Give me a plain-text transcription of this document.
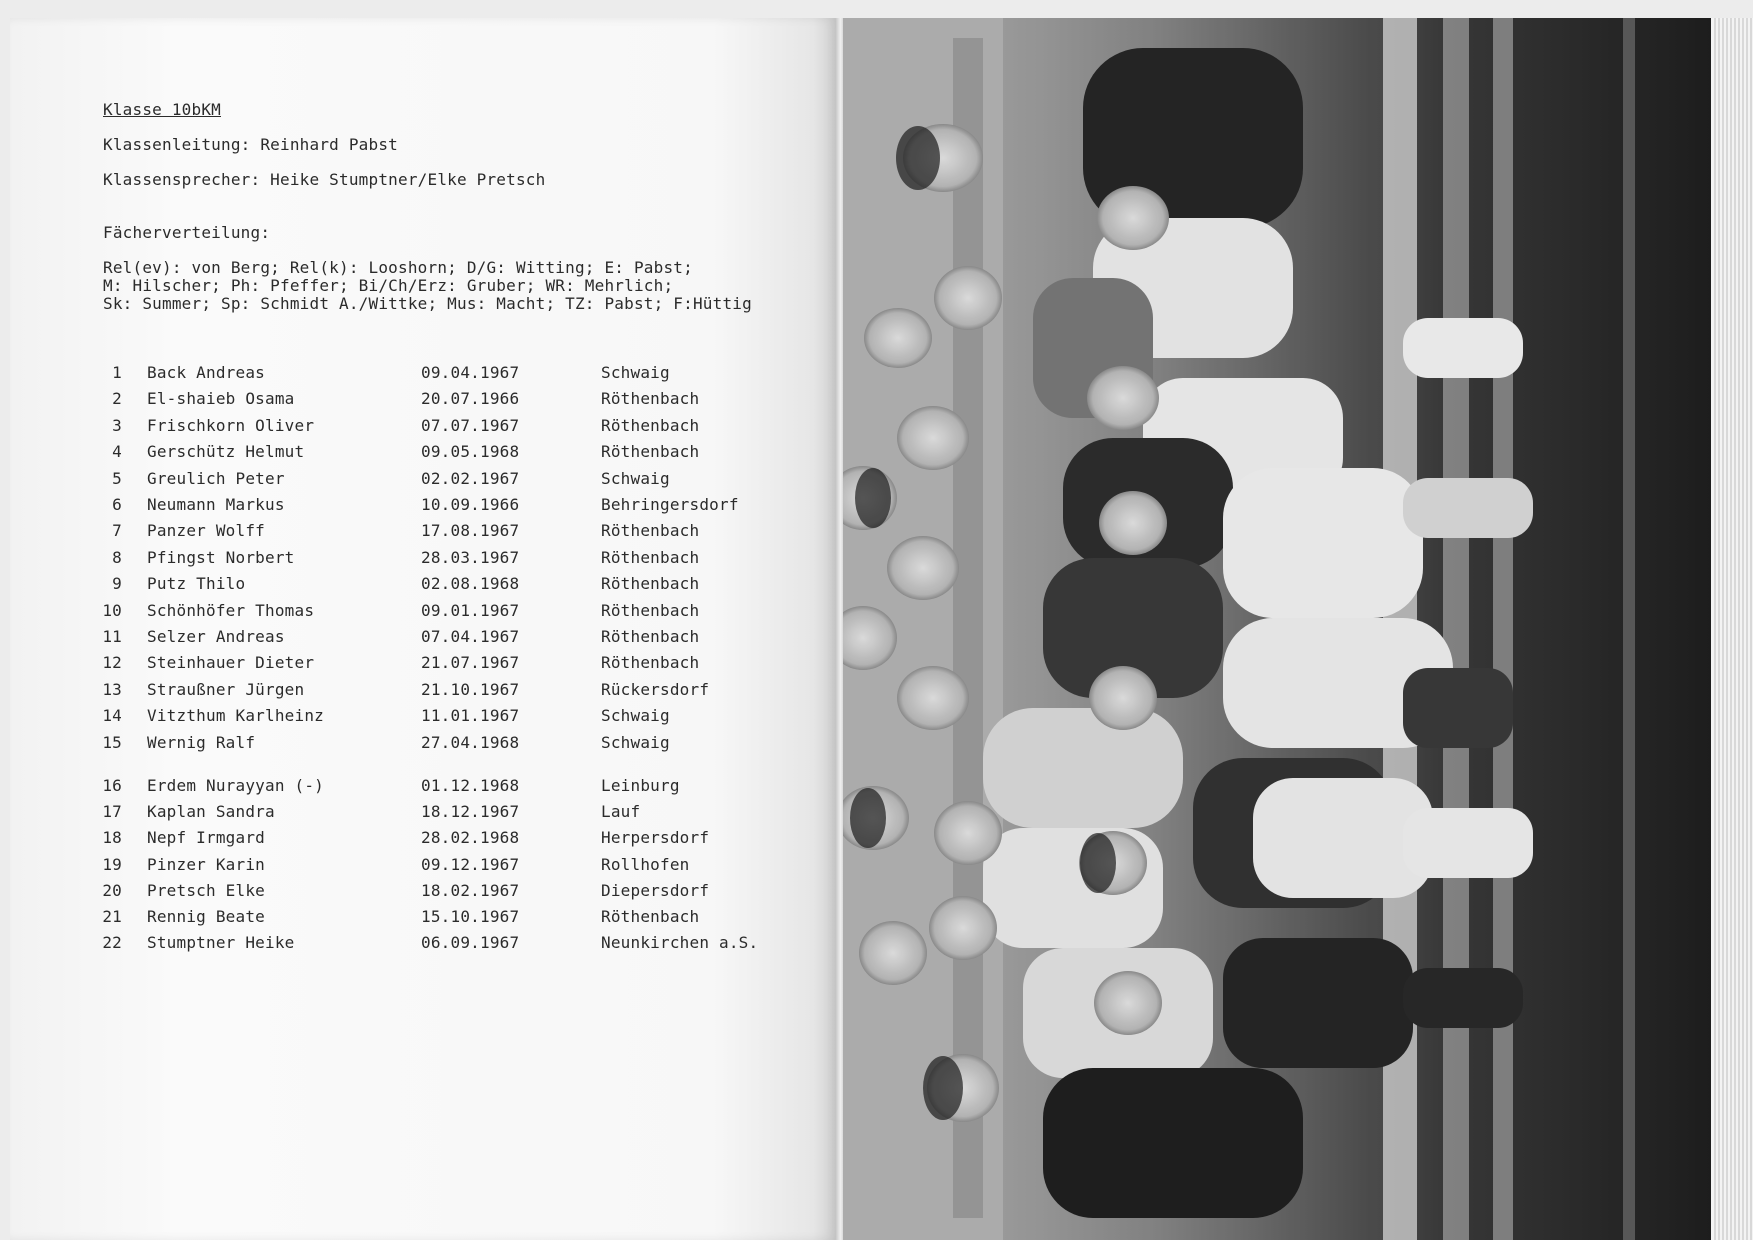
Klasse 10bKM
Klassenleitung: Reinhard Pabst
Klassensprecher: Heike Stumptner/Elke Pretsch
Fächerverteilung:
Rel(ev): von Berg; Rel(k): Looshorn; D/G: Witting; E: Pabst;
M: Hilscher; Ph: Pfeffer; Bi/Ch/Erz: Gruber; WR: Mehrlich;
Sk: Summer; Sp: Schmidt A./Wittke; Mus: Macht; TZ: Pabst; F:Hüttig
1 Back Andreas	09.04.1967	Schwaig
2 El-shaieb Osama	20.07.1966	Röthenbach
3 Frischkorn Oliver	07.07.1967	Röthenbach
4 Gerschütz Helmut	09.05.1968	Röthenbach
5 Greulich Peter	02.02.1967	Schwaig
6 Neumann Markus	10.09.1966	Behringersdorf
7 Panzer Wolff	17.08.1967	Röthenbach
8 Pfingst Norbert	28.03.1967	Röthenbach
9 Putz Thilo	02.08.1968	Röthenbach
10 Schönhöfer Thomas	09.01.1967	Röthenbach
11 Selzer Andreas	07.04.1967	Röthenbach
12 Steinhauer Dieter	21.07.1967	Röthenbach
13 Straußner Jürgen	21.10.1967	Rückersdorf
14 Vitzthum Karlheinz	11.01.1967	Schwaig
15 Wernig Ralf	27.04.1968	Schwaig
16 Erdem Nurayyan (-)	01.12.1968	Leinburg
17 Kaplan Sandra	18.12.1967	Lauf
18 Nepf Irmgard	28.02.1968	Herpersdorf
19 Pinzer Karin	09.12.1967	Rollhofen
20 Pretsch Elke	18.02.1967	Diepersdorf
21 Rennig Beate	15.10.1967	Röthenbach
22 Stumptner Heike	06.09.1967	Neunkirchen a.S.
